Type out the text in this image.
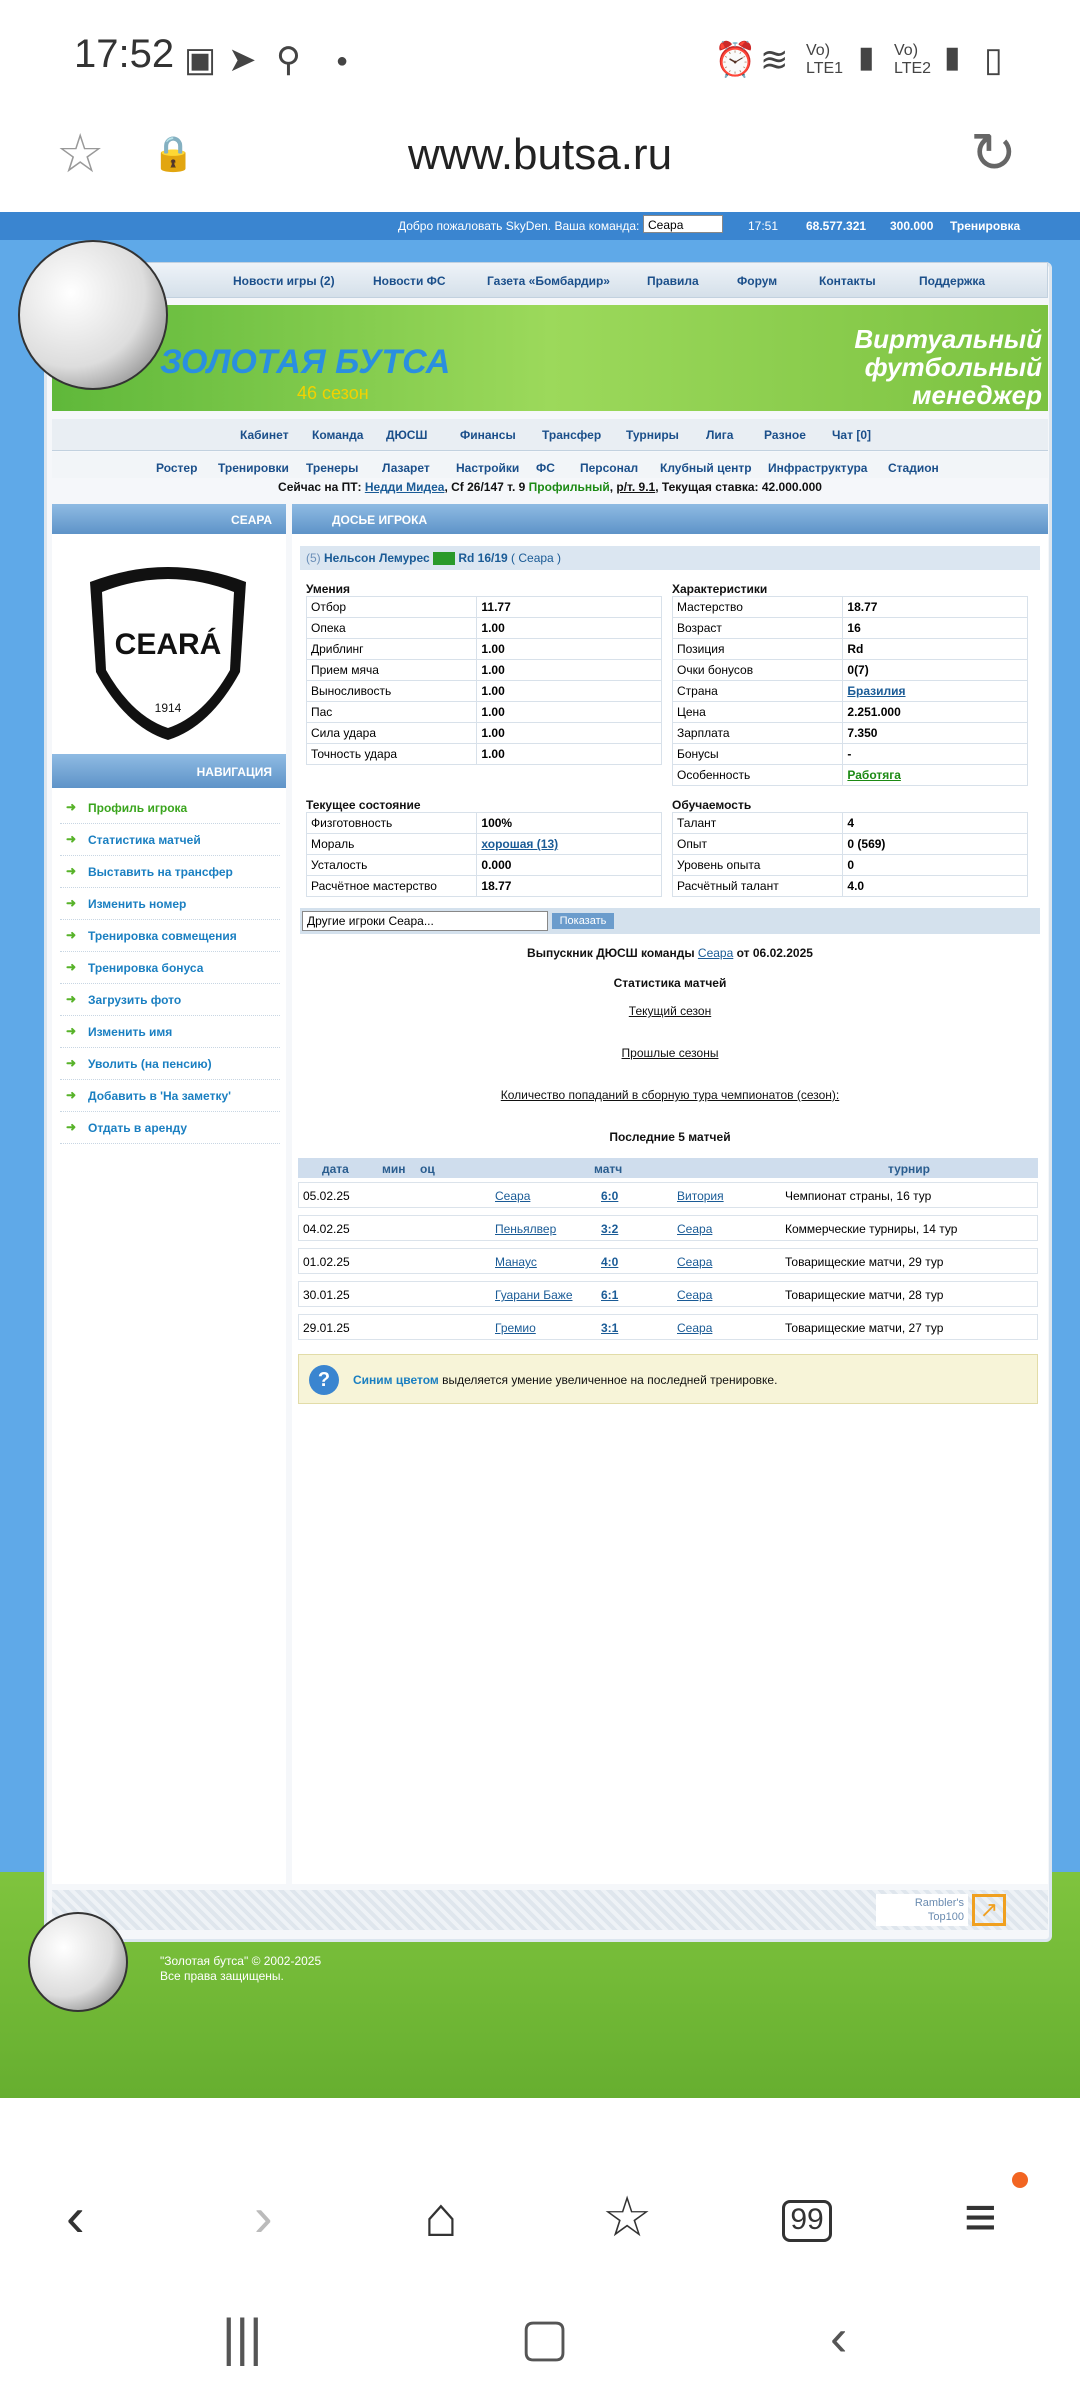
17:52 ▣ ➤ ⚲ ●	⏰ ≋ Vo) LTE1 ▮ Vo) LTE2 ▮ ▯
☆ 🔒	www.butsa.ru	↻
Добро пожаловать SkyDen. Ваша команда: Сеара	17:51 68.577.321 300.000 Тренировка
Новости игры (2)	Новости ФС	Газета «Бомбардир»	Правила	Форум	Контакты	Поддержка
ЗОЛОТАЯ БУТСА
46 сезон
Виртуальный
футбольный
менеджер
Кабинет Команда ДЮСШ	Финансы Трансфер Турниры Лига	Разное Чат [0]
Ростер Тренировки Тренеры Лазарет Настройки ФС Персонал Клубный центр Инфраструктура Стадион
Сейчас на ПТ: Недди Мидеа, Cf 26/147 т. 9 Профильный, р/т. 9.1, Текущая ставка: 42.000.000
СЕАРА
CEARÁ
1914
НАВИГАЦИЯ
➜ Профиль игрока
➜ Статистика матчей
➜ Выставить на трансфер
➜ Изменить номер
➜ Тренировка совмещения
➜ Тренировка бонуса
➜ Загрузить фото
➜ Изменить имя
➜ Уволить (на пенсию)
➜ Добавить в 'На заметку'
➜ Отдать в аренду
ДОСЬЕ ИГРОКА
(5) Нельсон Лемурес Rd 16/19 ( Сеара )
Умения
Отбор	11.77
Опека	1.00
Дриблинг	1.00
Прием мяча	1.00
Выносливость	1.00
Пас	1.00
Сила удара	1.00
Точность удара	1.00
Характеристики
Мастерство	18.77
Возраст	16
Позиция	Rd
Очки бонусов	0(7)
Страна	Бразилия
Цена	2.251.000
Зарплата	7.350
Бонусы	-
Особенность	Работяга
Текущее состояние
Физготовность	100%
Мораль	хорошая (13)
Усталость	0.000
Расчётное мастерство	18.77
Обучаемость
Талант	4
Опыт	0 (569)
Уровень опыта	0
Расчётный талант	4.0
Другие игроки Сеара...	Показать
Выпускник ДЮСШ команды Сеара от 06.02.2025
Статистика матчей
Текущий сезон
Прошлые сезоны
Количество попаданий в сборную тура чемпионатов (сезон):
Последние 5 матчей
дата	мин оц	матч	турнир
05.02.25	Сеара	6:0	Витория	Чемпионат страны, 16 тур
04.02.25	Пеньялвер	3:2	Сеара	Коммерческие турниры, 14 тур
01.02.25	Манаус	4:0	Сеара	Товарищеские матчи, 29 тур
30.01.25	Гуарани Баже 6:1	Сеара	Товарищеские матчи, 28 тур
29.01.25	Гремио	3:1	Сеара	Товарищеские матчи, 27 тур
?	Синим цветом выделяется умение увеличенное на последней тренировке.
Rambler's Top100 ↗
"Золотая бутса" © 2002-2025
Все права защищены.
‹	›	⌂	☆	99	≡
|||	▢	‹
